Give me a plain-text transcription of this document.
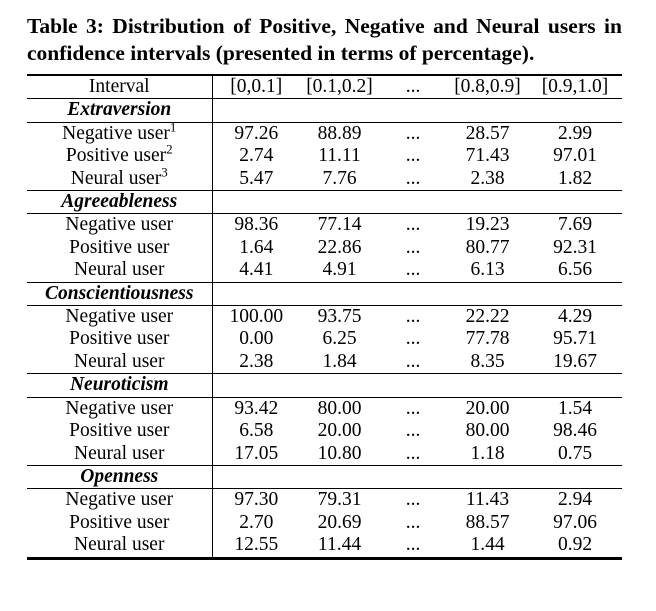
Table 3: Distribution of Positive, Negative and Neural users in
confidence intervals (presented in terms of percentage).
Interval	[0,0.1]	[0.1,0.2]	...	[0.8,0.9]	[0.9,1.0]
Extraversion					
Negative user$^1$	97.26	88.89	...	28.57	2.99
Positive user$^2$	2.74	11.11	...	71.43	97.01
Neural user$^3$	5.47	7.76	...	2.38	1.82
Agreeableness					
Negative user	98.36	77.14	...	19.23	7.69
Positive user	1.64	22.86	...	80.77	92.31
Neural user	4.41	4.91	...	6.13	6.56
Conscientiousness					
Negative user	100.00	93.75	...	22.22	4.29
Positive user	0.00	6.25	...	77.78	95.71
Neural user	2.38	1.84	...	8.35	19.67
Neuroticism					
Negative user	93.42	80.00	...	20.00	1.54
Positive user	6.58	20.00	...	80.00	98.46
Neural user	17.05	10.80	...	1.18	0.75
Openness					
Negative user	97.30	79.31	...	11.43	2.94
Positive user	2.70	20.69	...	88.57	97.06
Neural user	12.55	11.44	...	1.44	0.92
